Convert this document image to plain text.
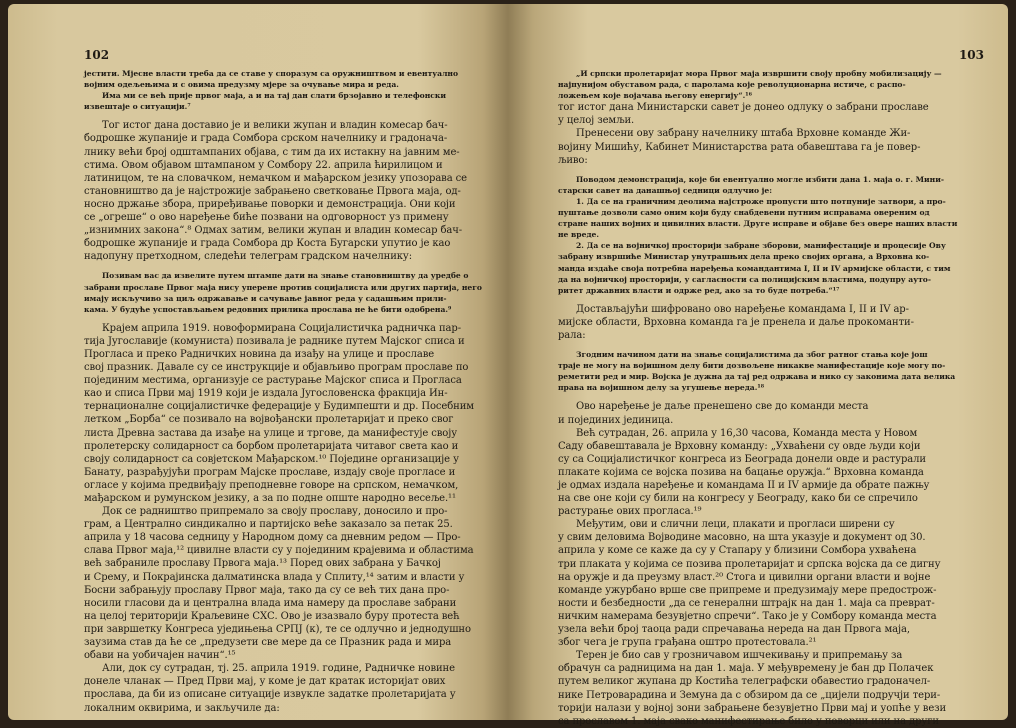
102
јестити. Мјесне власти треба да се ставе у споразум са оружништвом и евентуално
војним одељењима и с овима предузму мјере за очување мира и реда.
Има ми се већ прије првог маја, а и на тај дан слати брзојавно и телефонски
извештаје о ситуацији.⁷
Тог истог дана доставио је и велики жупан и владин комесар бач-
бодрошке жупаније и града Сомбора срском начелнику и градонача-
лнику већи број одштампаних објава, с тим да их истакну на јавним ме-
стима. Овом објавом штампаном у Сомбору 22. априла ћирилицом и
латиницом, те на словачком, немачком и мађарском језику упозорава се
становништво да је најстрожије забрањено светковање Првога маја, од-
носно држање збора, приређивање поворки и демонстрација. Они који
се „огреше“ о ово наређење биће позвани на одговорност уз примену
„изнимних закона“.⁸ Одмах затим, велики жупан и владин комесар бач-
бодрошке жупаније и града Сомбора др Коста Бугарски упутио је као
надопуну претходном, следећи телеграм градском начелнику:
Позивам вас да извелите путем штампе дати на знање становништву да уредбе о
забрани прославе Првог маја нису уперене против социјалиста или других партија, него
имају искључиво за циљ одржавање и сачување јавног реда у садашњим прили-
кама. У будуће успостављањем редовних прилика прослава не ће бити одобрена.⁹
Крајем априла 1919. новоформирана Социјалистичка радничка пар-
тија Југославије (комуниста) позивала је раднике путем Мајског списа и
Прогласа и преко Радничких новина да изађу на улице и прославе
свој празник. Давале су се инструкције и објављиво програм прославе по
појединим местима, организује се растурање Мајског списа и Прогласа
као и списа Први мај 1919 који је издала Југословенска фракција Ин-
тернационалне социјалистичке федерације у Будимпешти и др. Посебним
летком „Борба“ се позивало на војвођански пролетаријат и преко свог
листа Древна застава да изађе на улице и тргове, да манифестује своју
пролетерску солидарност са борбом пролетаријата читавог света као и
своју солидарност са совјетском Мађарском.¹⁰ Поједине организације у
Банату, разрађујући програм Мајске прославе, издају своје прогласе и
огласе у којима предвиђају преподневне говоре на српском, немачком,
мађарском и румунском језику, а за по подне опште народно весеље.¹¹
Док се радништво припремало за своју прославу, доносило и про-
грам, а Централно синдикално и партијско веће заказало за петак 25.
априла у 18 часова седницу у Народном дому са дневним редом — Про-
слава Првог маја,¹² цивилне власти су у појединим крајевима и областима
већ забраниле прославу Првога маја.¹³ Поред ових забрана у Бачкој
и Срему, и Покрајинска далматинска влада у Сплиту,¹⁴ затим и власти у
Босни забрањују прославу Првог маја, тако да су се већ тих дана про-
носили гласови да и централна влада има намеру да прославе забрани
на целој територији Краљевине СХС. Ово је изазвало буру протеста већ
при завршетку Конгреса уједињења СРПЈ (к), те се одлучно и једнодушно
заузима став да ће се „предузети све мере да се Празник рада и мира
обави на уобичајен начин“.¹⁵
Али, док су сутрадан, тј. 25. априла 1919. године, Радничке новине
донеле чланак — Пред Први мај, у коме је дат кратак историјат ових
прослава, да би из описане ситуације извукле задатке пролетаријата у
локалним оквирима, и закључиле да:
103
„И српски пролетаријат мора Првог маја извршити своју пробну мобилизацију —
најпунијом обуставом рада, с паролама које револуционарна истиче, с распо-
ложењем које војачава његову енергију“.¹⁶
тог истог дана Министарски савет је донео одлуку о забрани прославе
у целој земљи.
Пренесени ову забрану начелнику штаба Врховне команде Жи-
војину Мишићу, Кабинет Министарства рата обавештава га је повер-
љиво:
Поводом демонстрација, које би евентуално могле избити дана 1. маја о. г. Мини-
старски савет на данашњој седници одлучио је:
1. Да се на граничним деолима најстроже пропусти што потпуније затвори, а про-
пуштање дозволи само оним који буду снабдевени путним исправама овереним од
стране наших војних и цивилних власти. Друге исправе и објаве без овере наших власти
не вреде.
2. Да се на војничкој просторији забране зборови, манифестације и процесије Ову
забрану извршиће Министар унутрашњих дела преко својих органа, а Врховна ко-
манда издаће своја потребна наређења командантима I, II и IV армијске области, с тим
да на војничкој просторији, у сагласности са полицијским властима, подупру ауто-
ритет државних власти и одрже ред, ако за то буде потреба.“¹⁷
Достављајући шифровано ово наређење командама I, II и IV ар-
мијске области, Врховна команда га је пренела и даље прокоманти-
рала:
Згодним начином дати на знање социјалистима да због ратног стања које још
траје не могу на војишном делу бити дозвољене никакве манифестације које могу по-
реметити ред и мир. Војска је дужна да тај ред одржава и нико су законима дата велика
права на војишном делу за угушење нереда.¹⁸
Ово наређење је даље пренешено све до команди места
и појединих јединица.
Већ сутрадан, 26. априла у 16,30 часова, Команда места у Новом
Саду обавештавала је Врховну команду: „Ухваћени су овде људи који
су са Социјалистичког конгреса из Београда донели овде и растурали
плакате којима се војска позива на бацање оружја.“ Врховна команда
је одмах издала наређење и командама II и IV армије да обрате пажњу
на све оне који су били на конгресу у Београду, како би се спречило
растурање ових прогласа.¹⁹
Међутим, ови и слични леци, плакати и прогласи ширени су
у свим деловима Војводине масовно, на шта указује и документ од 30.
априла у коме се каже да су у Стапару у близини Сомбора ухваћена
три плаката у којима се позива пролетаријат и српска војска да се дигну
на оружје и да преузму власт.²⁰ Стога и цивилни органи власти и војне
команде ужурбано врше све припреме и предузимају мере предострож-
ности и безбедности „да се генерални штрајк на дан 1. маја са преврат-
ничким намерама безувјетно спречи“. Тако је у Сомбору команда места
узела већи број таоца ради спречавања нереда на дан Првога маја,
због чега је група грађана оштро протестовала.²¹
Терен је био сав у грозничавом ишчекивању и припремању за
обрачун са радницима на дан 1. маја. У међувремену је бан др Полачек
путем великог жупана др Костића телеграфски обавестио градоначел-
нике Петроварадина и Земуна да с обзиром да се „цијели подручји тери-
торији налази у војној зони забрањене безувјетно Први мај и уопће у вези
са прославом 1. маја свако манифестирање било у поворци или на други
